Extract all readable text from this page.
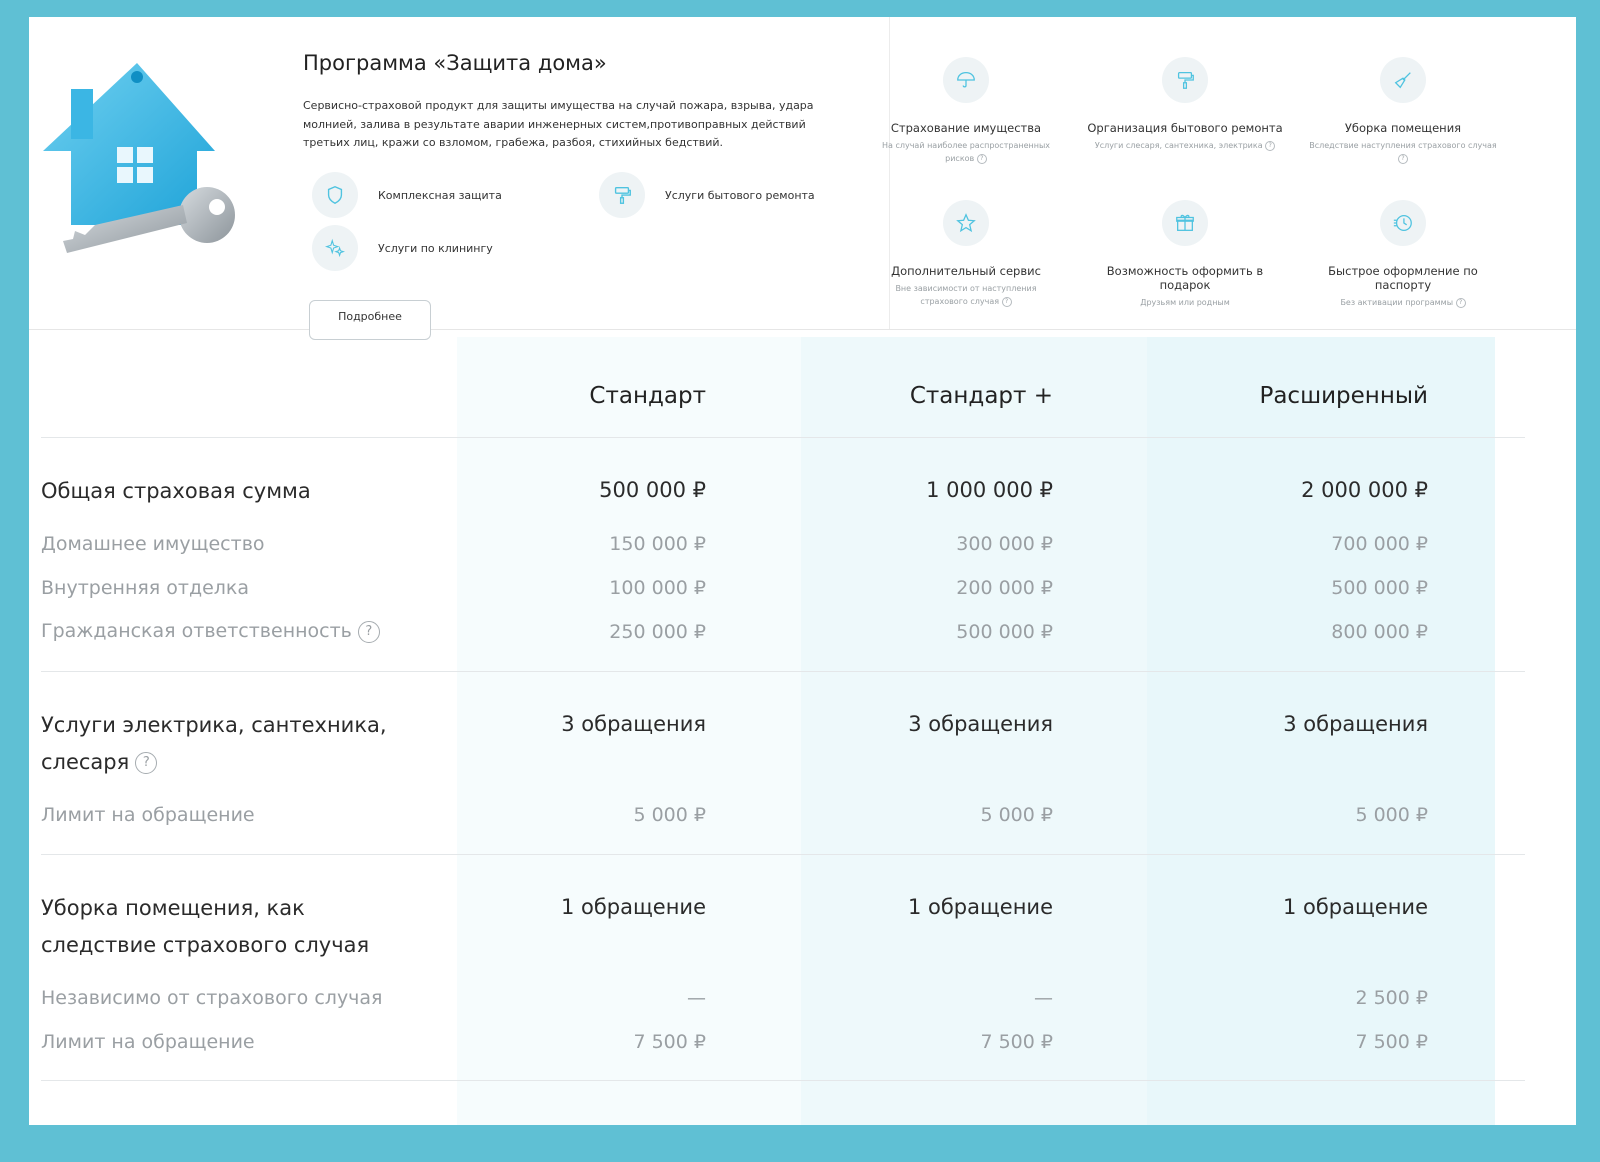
Программа «Защита дома»
Сервисно-страховой продукт для защиты имущества на случай пожара, взрыва, удара молнией, залива в результате аварии инженерных систем,противоправных действий третьих лиц, кражи со взломом, грабежа, разбоя, стихийных бедствий.
Комплексная защита	Услуги бытового ремонта
Услуги по клинингу
Подробнее
Страхование имущества
На случай наиболее распространенных рисков ?
Организация бытового ремонта
Услуги слесаря, сантехника, электрика ?
Уборка помещения
Вследствие наступления страхового случая ?
Дополнительный сервис
Вне зависимости от наступления страхового случая ?
Возможность оформить в подарок
Друзьям или родным
Быстрое оформление по паспорту
Без активации программы ?
Стандарт	Стандарт +	Расширенный
Общая страховая сумма	500 000 ₽	1 000 000 ₽	2 000 000 ₽
Домашнее имущество	150 000 ₽	300 000 ₽	700 000 ₽
Внутренняя отделка	100 000 ₽	200 000 ₽	500 000 ₽
Гражданская ответственность ?	250 000 ₽	500 000 ₽	800 000 ₽
Услуги электрика, сантехника,
слесаря ?
3 обращения	3 обращения	3 обращения
Лимит на обращение	5 000 ₽	5 000 ₽	5 000 ₽
Уборка помещения, как
следствие страхового случая
1 обращение	1 обращение	1 обращение
Независимо от страхового случая	—	—	2 500 ₽
Лимит на обращение	7 500 ₽	7 500 ₽	7 500 ₽
